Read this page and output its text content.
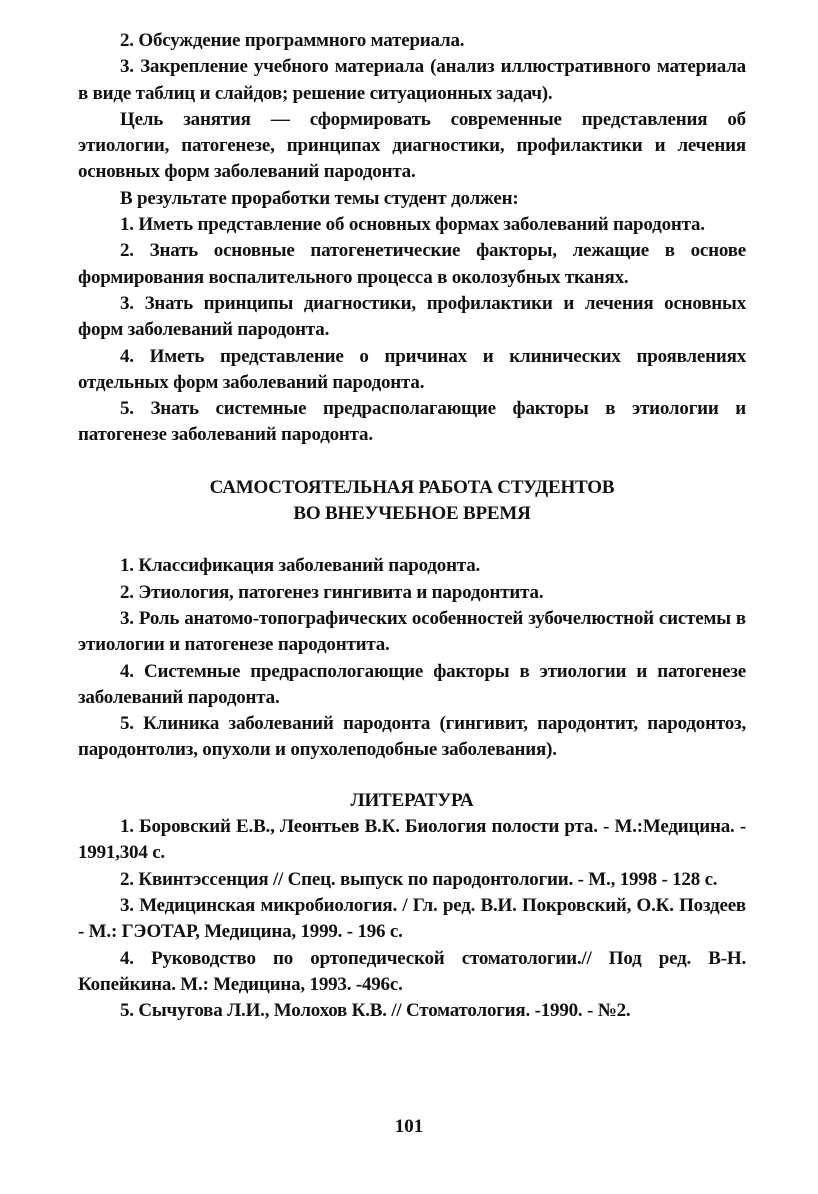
2. Обсуждение программного материала.

3. Закрепление учебного материала (анализ иллюстративного материала в виде таблиц и слайдов; решение ситуационных задач).

Цель занятия — сформировать современные представления об этиологии, патогенезе, принципах диагностики, профилактики и лечения основных форм заболеваний пародонта.

В результате проработки темы студент должен:

1. Иметь представление об основных формах заболеваний пародонта.

2. Знать основные патогенетические факторы, лежащие в основе формирования воспалительного процесса в околозубных тканях.

3. Знать принципы диагностики, профилактики и лечения основных форм заболеваний пародонта.

4. Иметь представление о причинах и клинических проявлениях отдельных форм заболеваний пародонта.

5. Знать системные предрасполагающие факторы в этиологии и патогенезе заболеваний пародонта.

САМОСТОЯТЕЛЬНАЯ РАБОТА СТУДЕНТОВ

ВО ВНЕУЧЕБНОЕ ВРЕМЯ

1. Классификация заболеваний пародонта.

2. Этиология, патогенез гингивита и пародонтита.

3. Роль анатомо-топографических особенностей зубочелюстной системы в этиологии и патогенезе пародонтита.

4. Системные предраспологающие факторы в этиологии и патогенезе заболеваний пародонта.

5. Клиника заболеваний пародонта (гингивит, пародонтит, пародонтоз, пародонтолиз, опухоли и опухолеподобные заболевания).

ЛИТЕРАТУРА

1. Боровский Е.В., Леонтьев В.К. Биология полости рта. - М.:Медицина. - 1991,304 с.

2. Квинтэссенция // Спец. выпуск по пародонтологии. - М., 1998 - 128 с.

3. Медицинская микробиология. / Гл. ред. В.И. Покровский, О.К. Поздеев - М.: ГЭОТАР, Медицина, 1999. - 196 с.

4. Руководство по ортопедической стоматологии.// Под ред. В-Н. Копейкина. М.: Медицина, 1993. -496с.

5. Сычугова Л.И., Молохов К.В. // Стоматология. -1990. - №2.

101
